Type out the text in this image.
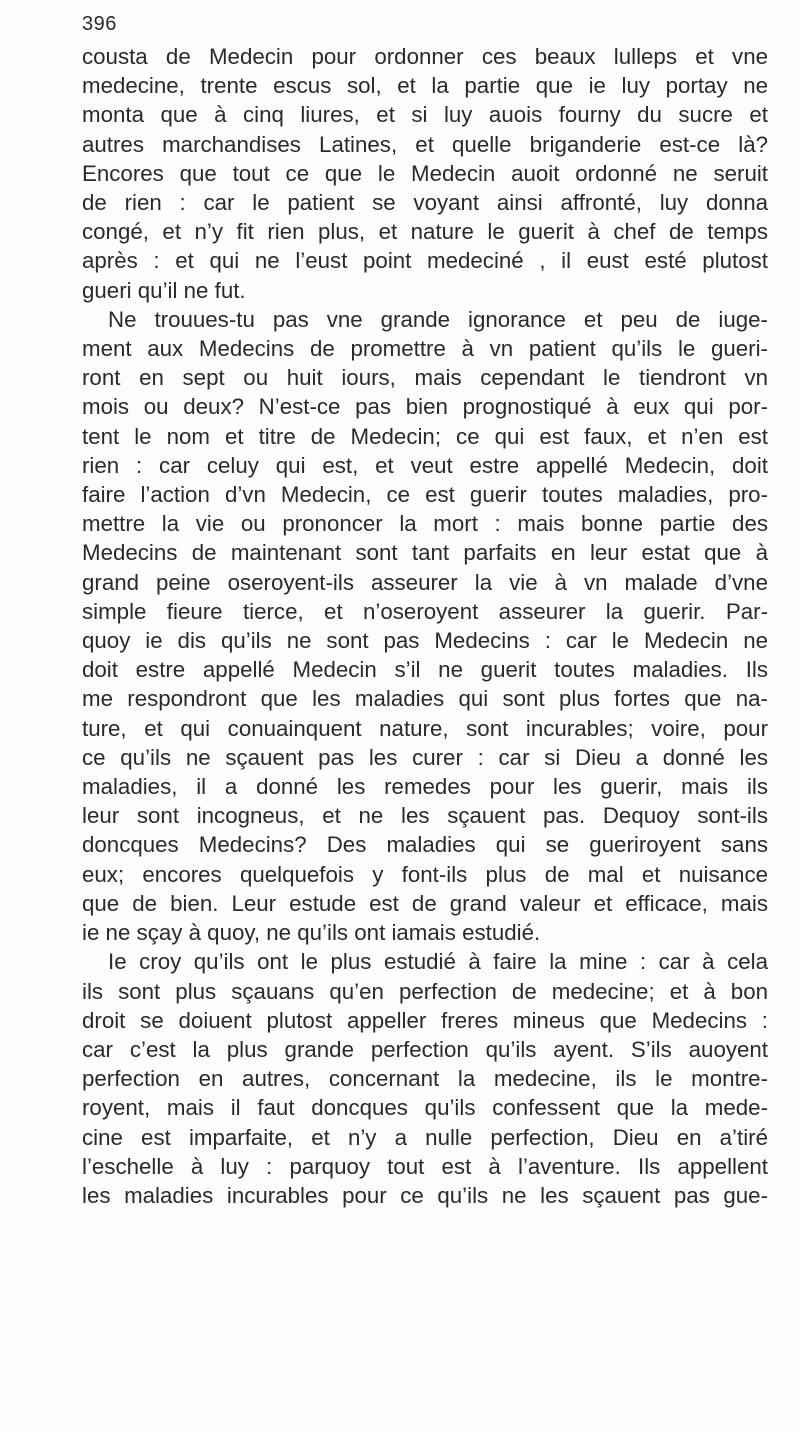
396
cousta de Medecin pour ordonner ces beaux lulleps et vne
medecine, trente escus sol, et la partie que ie luy portay ne
monta que à cinq liures, et si luy auois fourny du sucre et
autres marchandises Latines, et quelle briganderie est-ce là?
Encores que tout ce que le Medecin auoit ordonné ne seruit
de rien : car le patient se voyant ainsi affronté, luy donna
congé, et n’y fit rien plus, et nature le guerit à chef de temps
après : et qui ne l’eust point medeciné , il eust esté plutost
gueri qu’il ne fut.
Ne trouues-tu pas vne grande ignorance et peu de iuge-
ment aux Medecins de promettre à vn patient qu’ils le gueri-
ront en sept ou huit iours, mais cependant le tiendront vn
mois ou deux? N’est-ce pas bien prognostiqué à eux qui por-
tent le nom et titre de Medecin; ce qui est faux, et n’en est
rien : car celuy qui est, et veut estre appellé Medecin, doit
faire l’action d’vn Medecin, ce est guerir toutes maladies, pro-
mettre la vie ou prononcer la mort : mais bonne partie des
Medecins de maintenant sont tant parfaits en leur estat que à
grand peine oseroyent-ils asseurer la vie à vn malade d’vne
simple fieure tierce, et n’oseroyent asseurer la guerir. Par-
quoy ie dis qu’ils ne sont pas Medecins : car le Medecin ne
doit estre appellé Medecin s’il ne guerit toutes maladies. Ils
me respondront que les maladies qui sont plus fortes que na-
ture, et qui conuainquent nature, sont incurables; voire, pour
ce qu’ils ne sçauent pas les curer : car si Dieu a donné les
maladies, il a donné les remedes pour les guerir, mais ils
leur sont incogneus, et ne les sçauent pas. Dequoy sont-ils
doncques Medecins? Des maladies qui se gueriroyent sans
eux; encores quelquefois y font-ils plus de mal et nuisance
que de bien. Leur estude est de grand valeur et efficace, mais
ie ne sçay à quoy, ne qu’ils ont iamais estudié.
Ie croy qu’ils ont le plus estudié à faire la mine : car à cela
ils sont plus sçauans qu’en perfection de medecine; et à bon
droit se doiuent plutost appeller freres mineus que Medecins :
car c’est la plus grande perfection qu’ils ayent. S’ils auoyent
perfection en autres, concernant la medecine, ils le montre-
royent, mais il faut doncques qu’ils confessent que la mede-
cine est imparfaite, et n’y a nulle perfection, Dieu en a’tiré
l’eschelle à luy : parquoy tout est à l’aventure. Ils appellent
les maladies incurables pour ce qu’ils ne les sçauent pas gue-
